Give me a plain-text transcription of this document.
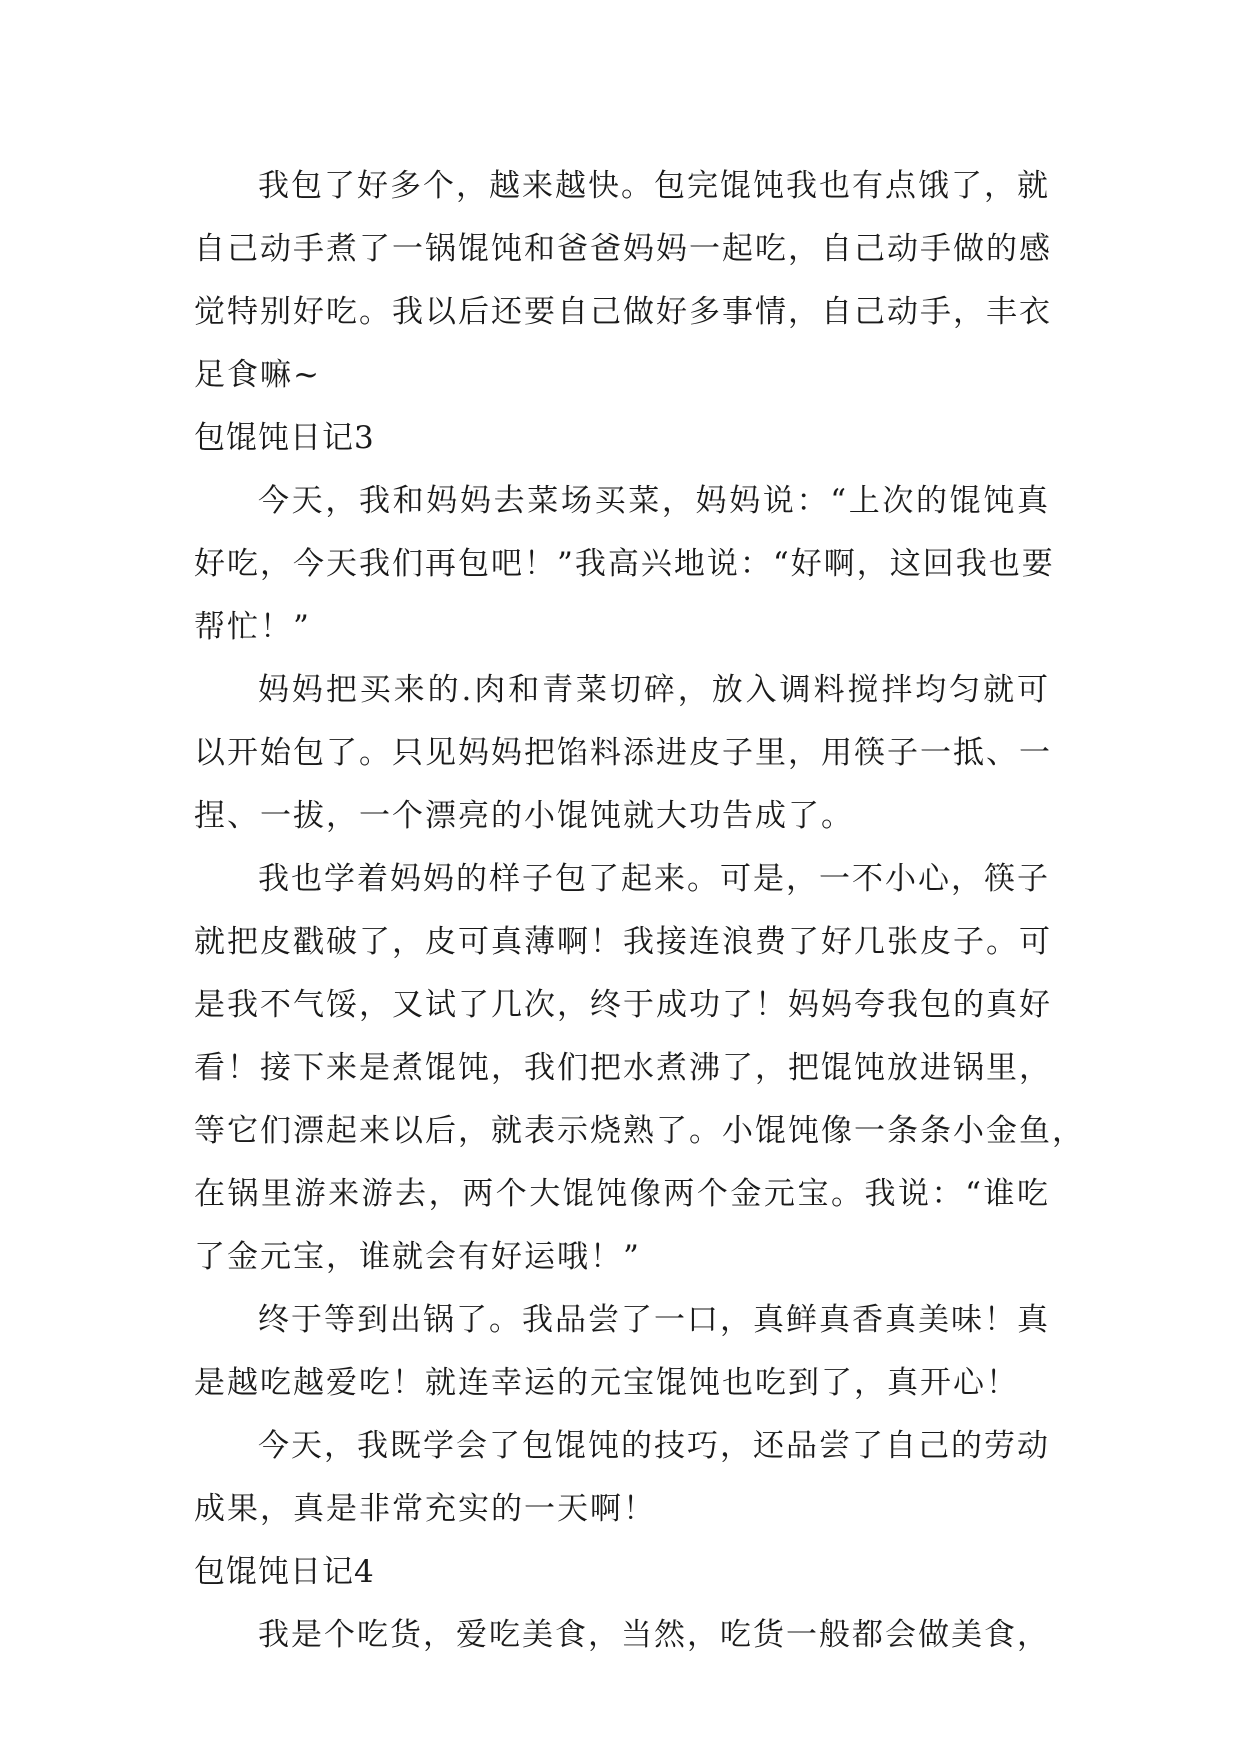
我包了好多个，越来越快。包完馄饨我也有点饿了，就
自己动手煮了一锅馄饨和爸爸妈妈一起吃，自己动手做的感
觉特别好吃。我以后还要自己做好多事情，自己动手，丰衣
足食嘛~
包馄饨日记3
今天，我和妈妈去菜场买菜，妈妈说：“上次的馄饨真
好吃，今天我们再包吧！”我高兴地说：“好啊，这回我也要
帮忙！”
妈妈把买来的.肉和青菜切碎，放入调料搅拌均匀就可
以开始包了。只见妈妈把馅料添进皮子里，用筷子一抵、一
捏、一拔，一个漂亮的小馄饨就大功告成了。
我也学着妈妈的样子包了起来。可是，一不小心，筷子
就把皮戳破了，皮可真薄啊！我接连浪费了好几张皮子。可
是我不气馁，又试了几次，终于成功了！妈妈夸我包的真好
看！接下来是煮馄饨，我们把水煮沸了，把馄饨放进锅里，
等它们漂起来以后，就表示烧熟了。小馄饨像一条条小金鱼，
在锅里游来游去，两个大馄饨像两个金元宝。我说：“谁吃
了金元宝，谁就会有好运哦！”
终于等到出锅了。我品尝了一口，真鲜真香真美味！真
是越吃越爱吃！就连幸运的元宝馄饨也吃到了，真开心！
今天，我既学会了包馄饨的技巧，还品尝了自己的劳动
成果，真是非常充实的一天啊！
包馄饨日记4
我是个吃货，爱吃美食，当然，吃货一般都会做美食，
